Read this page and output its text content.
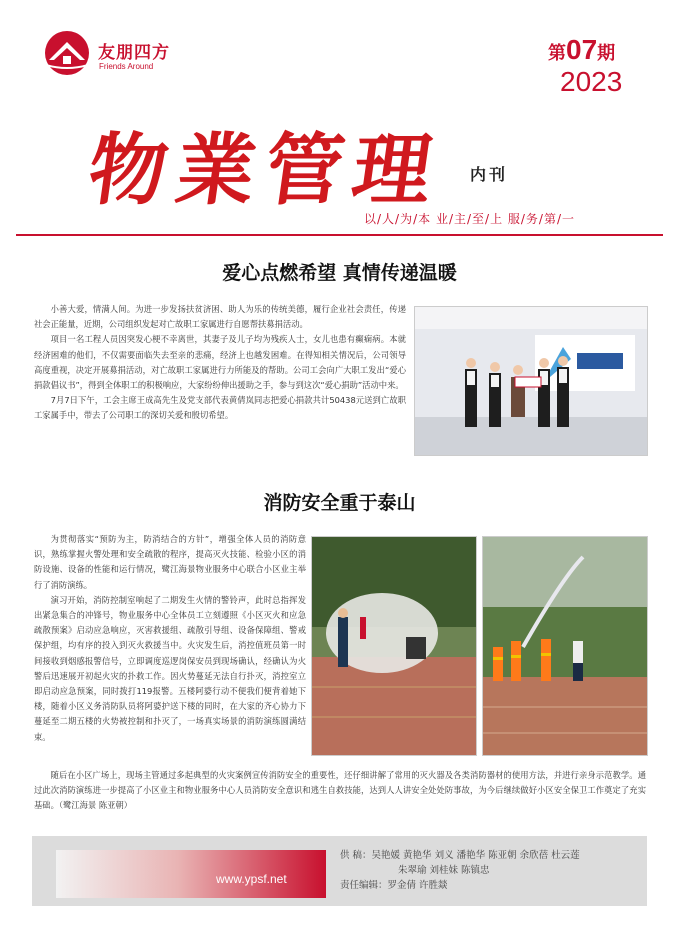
友朋四方
Friends Around
第07期
2023
物業管理 内刊
以/人/为/本 业/主/至/上 服/务/第/一
爱心点燃希望 真情传递温暖
小善大爱，情满人间。为进一步发扬扶贫济困、助人为乐的传统美德，履行企业社会责任，传递社会正能量，近期，公司组织发起对亡故职工家属进行自愿帮扶募捐活动。
项目一名工程人员因突发心梗不幸离世，其妻子及儿子均为残疾人士，女儿也患有癫痫病。本就经济困难的他们，不仅需要面临失去至亲的悲痛，经济上也越发困难。在得知相关情况后，公司领导高度重视，决定开展募捐活动，对亡故职工家属进行力所能及的帮助。公司工会向广大职工发出“爱心捐款倡议书”，得到全体职工的积极响应，大家纷纷伸出援助之手，参与到这次“爱心捐助”活动中来。
7月7日下午，工会主席王成高先生及党支部代表黄倩岚同志把爱心捐款共计50438元送到亡故职工家属手中，带去了公司职工的深切关爱和殷切希望。
消防安全重于泰山
为贯彻落实“预防为主，防消结合的方针”，增强全体人员的消防意识，熟练掌握火警处理和安全疏散的程序，提高灭火技能、检验小区的消防设施、设备的性能和运行情况，鹭江海景物业服务中心联合小区业主举行了消防演练。
演习开始，消防控制室响起了二期发生火情的警铃声，此时总指挥发出紧急集合的冲锋号，物业服务中心全体员工立刻遵照《小区灭火和应急疏散预案》启动应急响应，灭害救援组、疏散引导组、设备保障组、警戒保护组，均有序的投入到灭火救援当中。火灾发生后，消控值班员第一时间接收到烟感报警信号，立即调度巡逻岗保安员到现场确认，经确认为火警后迅速展开初起火灾的扑救工作。因火势蔓延无法自行扑灭，消控室立即启动应急预案，同时拨打119报警。五楼阿婆行动不便我们便背着她下楼，随着小区义务消防队员将阿婆护送下楼的同时，在大家的齐心协力下蔓延至二期五楼的火势被控制和扑灭了，一场真实场景的消防演练圆满结束。
随后在小区广场上，现场主管通过多起典型的火灾案例宣传消防安全的重要性，还仔细讲解了常用的灭火器及各类消防器材的使用方法，并进行亲身示范教学。通过此次消防演练进一步提高了小区业主和物业服务中心人员消防安全意识和逃生自救技能，达到人人讲安全处处防事故，为今后继续做好小区安全保卫工作奠定了充实基础。（鹭江海景 陈亚朝）
www.ypsf.net
供 稿：吴艳媛 黄艳华 刘义 潘艳华 陈亚朝 余欣蓓 杜云莲
朱翠瑜 刘桂妹 陈镇忠
责任编辑：罗金倩 许胜燚
